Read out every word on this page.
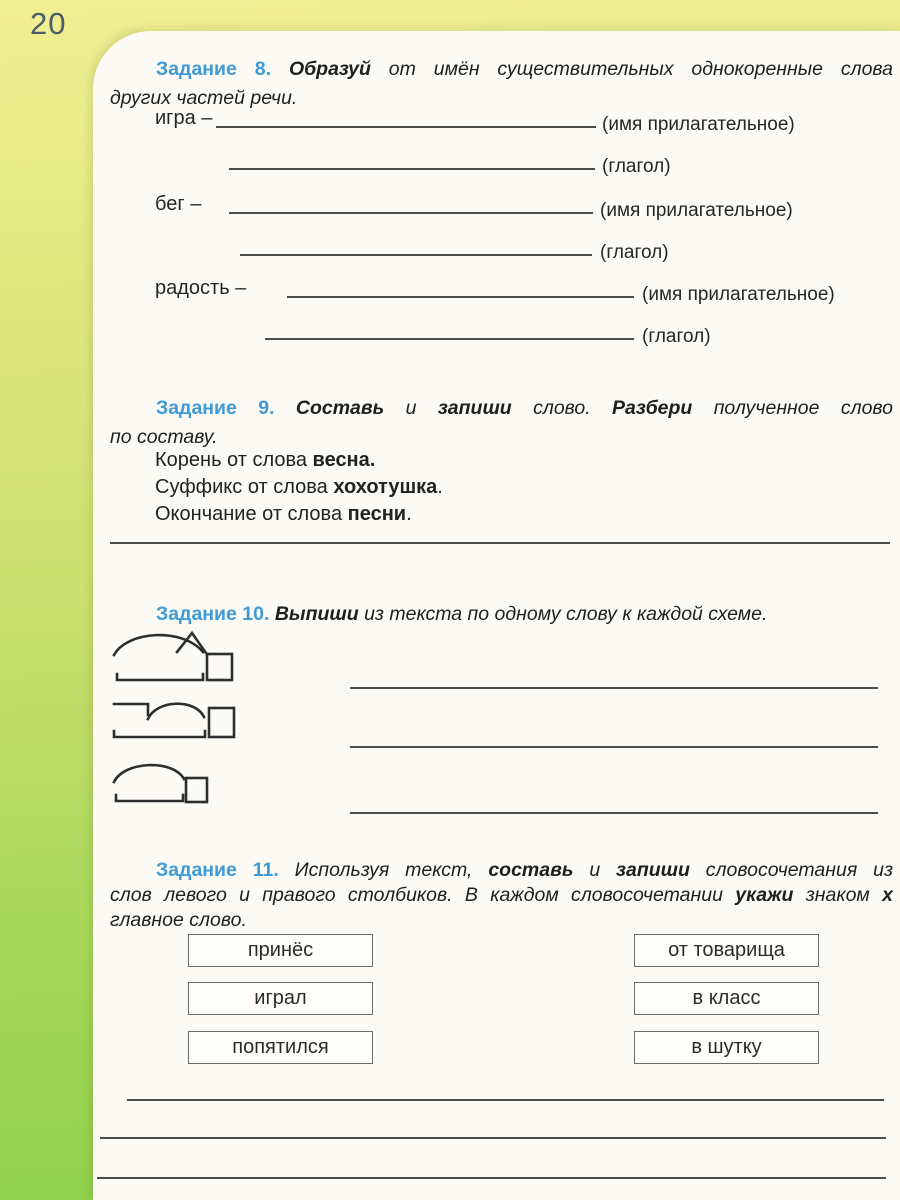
20
Задание 8. Образуй от имён существительных однокоренные слова
других частей речи.
игра –	(имя прилагательное)
(глагол)
бег –	(имя прилагательное)
(глагол)
радость –	(имя прилагательное)
(глагол)
Задание 9. Составь и запиши слово. Разбери полученное слово
по составу.
Корень от слова весна.
Суффикс от слова хохотушка.
Окончание от слова песни.
Задание 10. Выпиши из текста по одному слову к каждой схеме.
Задание 11. Используя текст, составь и запиши словосочетания из
слов левого и правого столбиков. В каждом словосочетании укажи знаком х
главное слово.
принёс
играл
попятился
от товарища
в класс
в шутку
